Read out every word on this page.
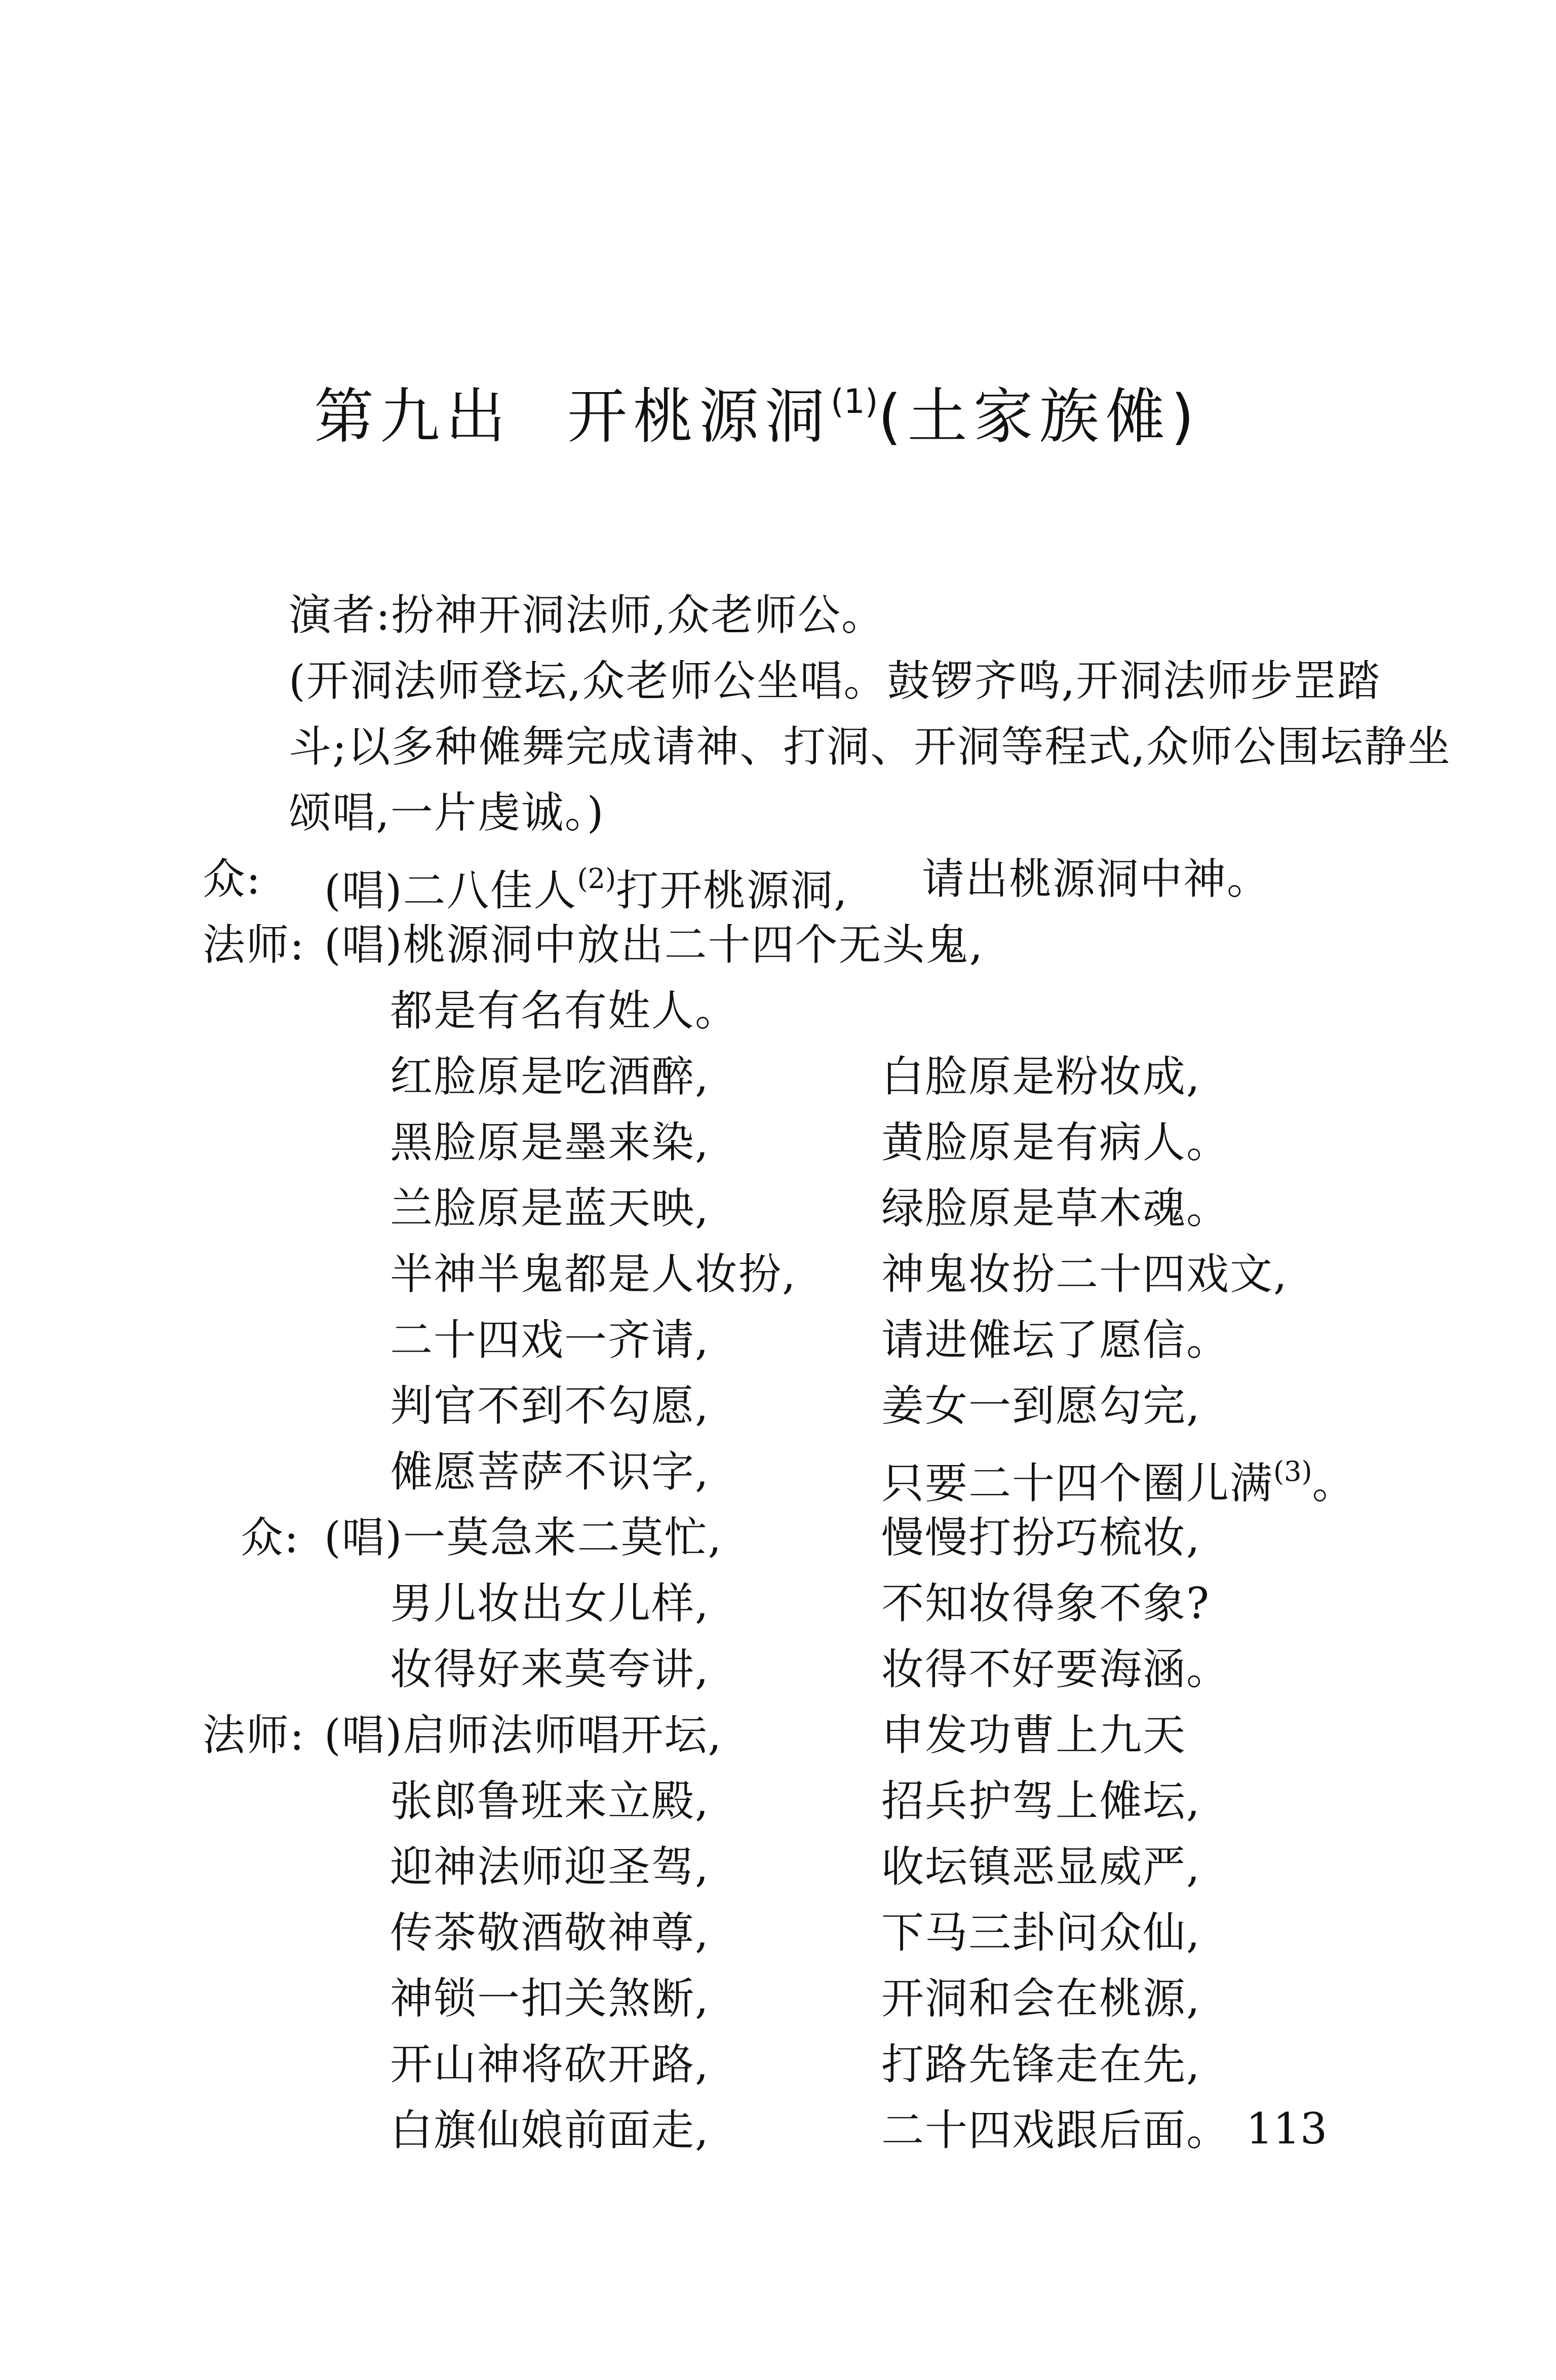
第九出 开桃源洞$^{(1)}$(土家族傩)
演者:扮神开洞法师,众老师公。
(开洞法师登坛,众老师公坐唱。鼓锣齐鸣,开洞法师步罡踏
斗;以多种傩舞完成请神、打洞、开洞等程式,众师公围坛静坐
颂唱,一片虔诚。)
众: (唱)二八佳人$^{(2)}$打开桃源洞, 请出桃源洞中神。
法师: (唱)桃源洞中放出二十四个无头鬼,
都是有名有姓人。
红脸原是吃酒醉,	白脸原是粉妆成,
黑脸原是墨来染,	黄脸原是有病人。
兰脸原是蓝天映,	绿脸原是草木魂。
半神半鬼都是人妆扮, 神鬼妆扮二十四戏文,
二十四戏一齐请,	请进傩坛了愿信。
判官不到不勾愿,	姜女一到愿勾完,
傩愿菩萨不识字,	只要二十四个圈儿满$^{(3)}$。
众: (唱)一莫急来二莫忙,	慢慢打扮巧梳妆,
男儿妆出女儿样,	不知妆得象不象?
妆得好来莫夸讲,	妆得不好要海涵。
法师: (唱)启师法师唱开坛,	申发功曹上九天
张郎鲁班来立殿,	招兵护驾上傩坛,
迎神法师迎圣驾,	收坛镇恶显威严,
传茶敬酒敬神尊,	下马三卦问众仙,
神锁一扣关煞断,	开洞和会在桃源,
开山神将砍开路,	打路先锋走在先,
白旗仙娘前面走,	二十四戏跟后面。 113
